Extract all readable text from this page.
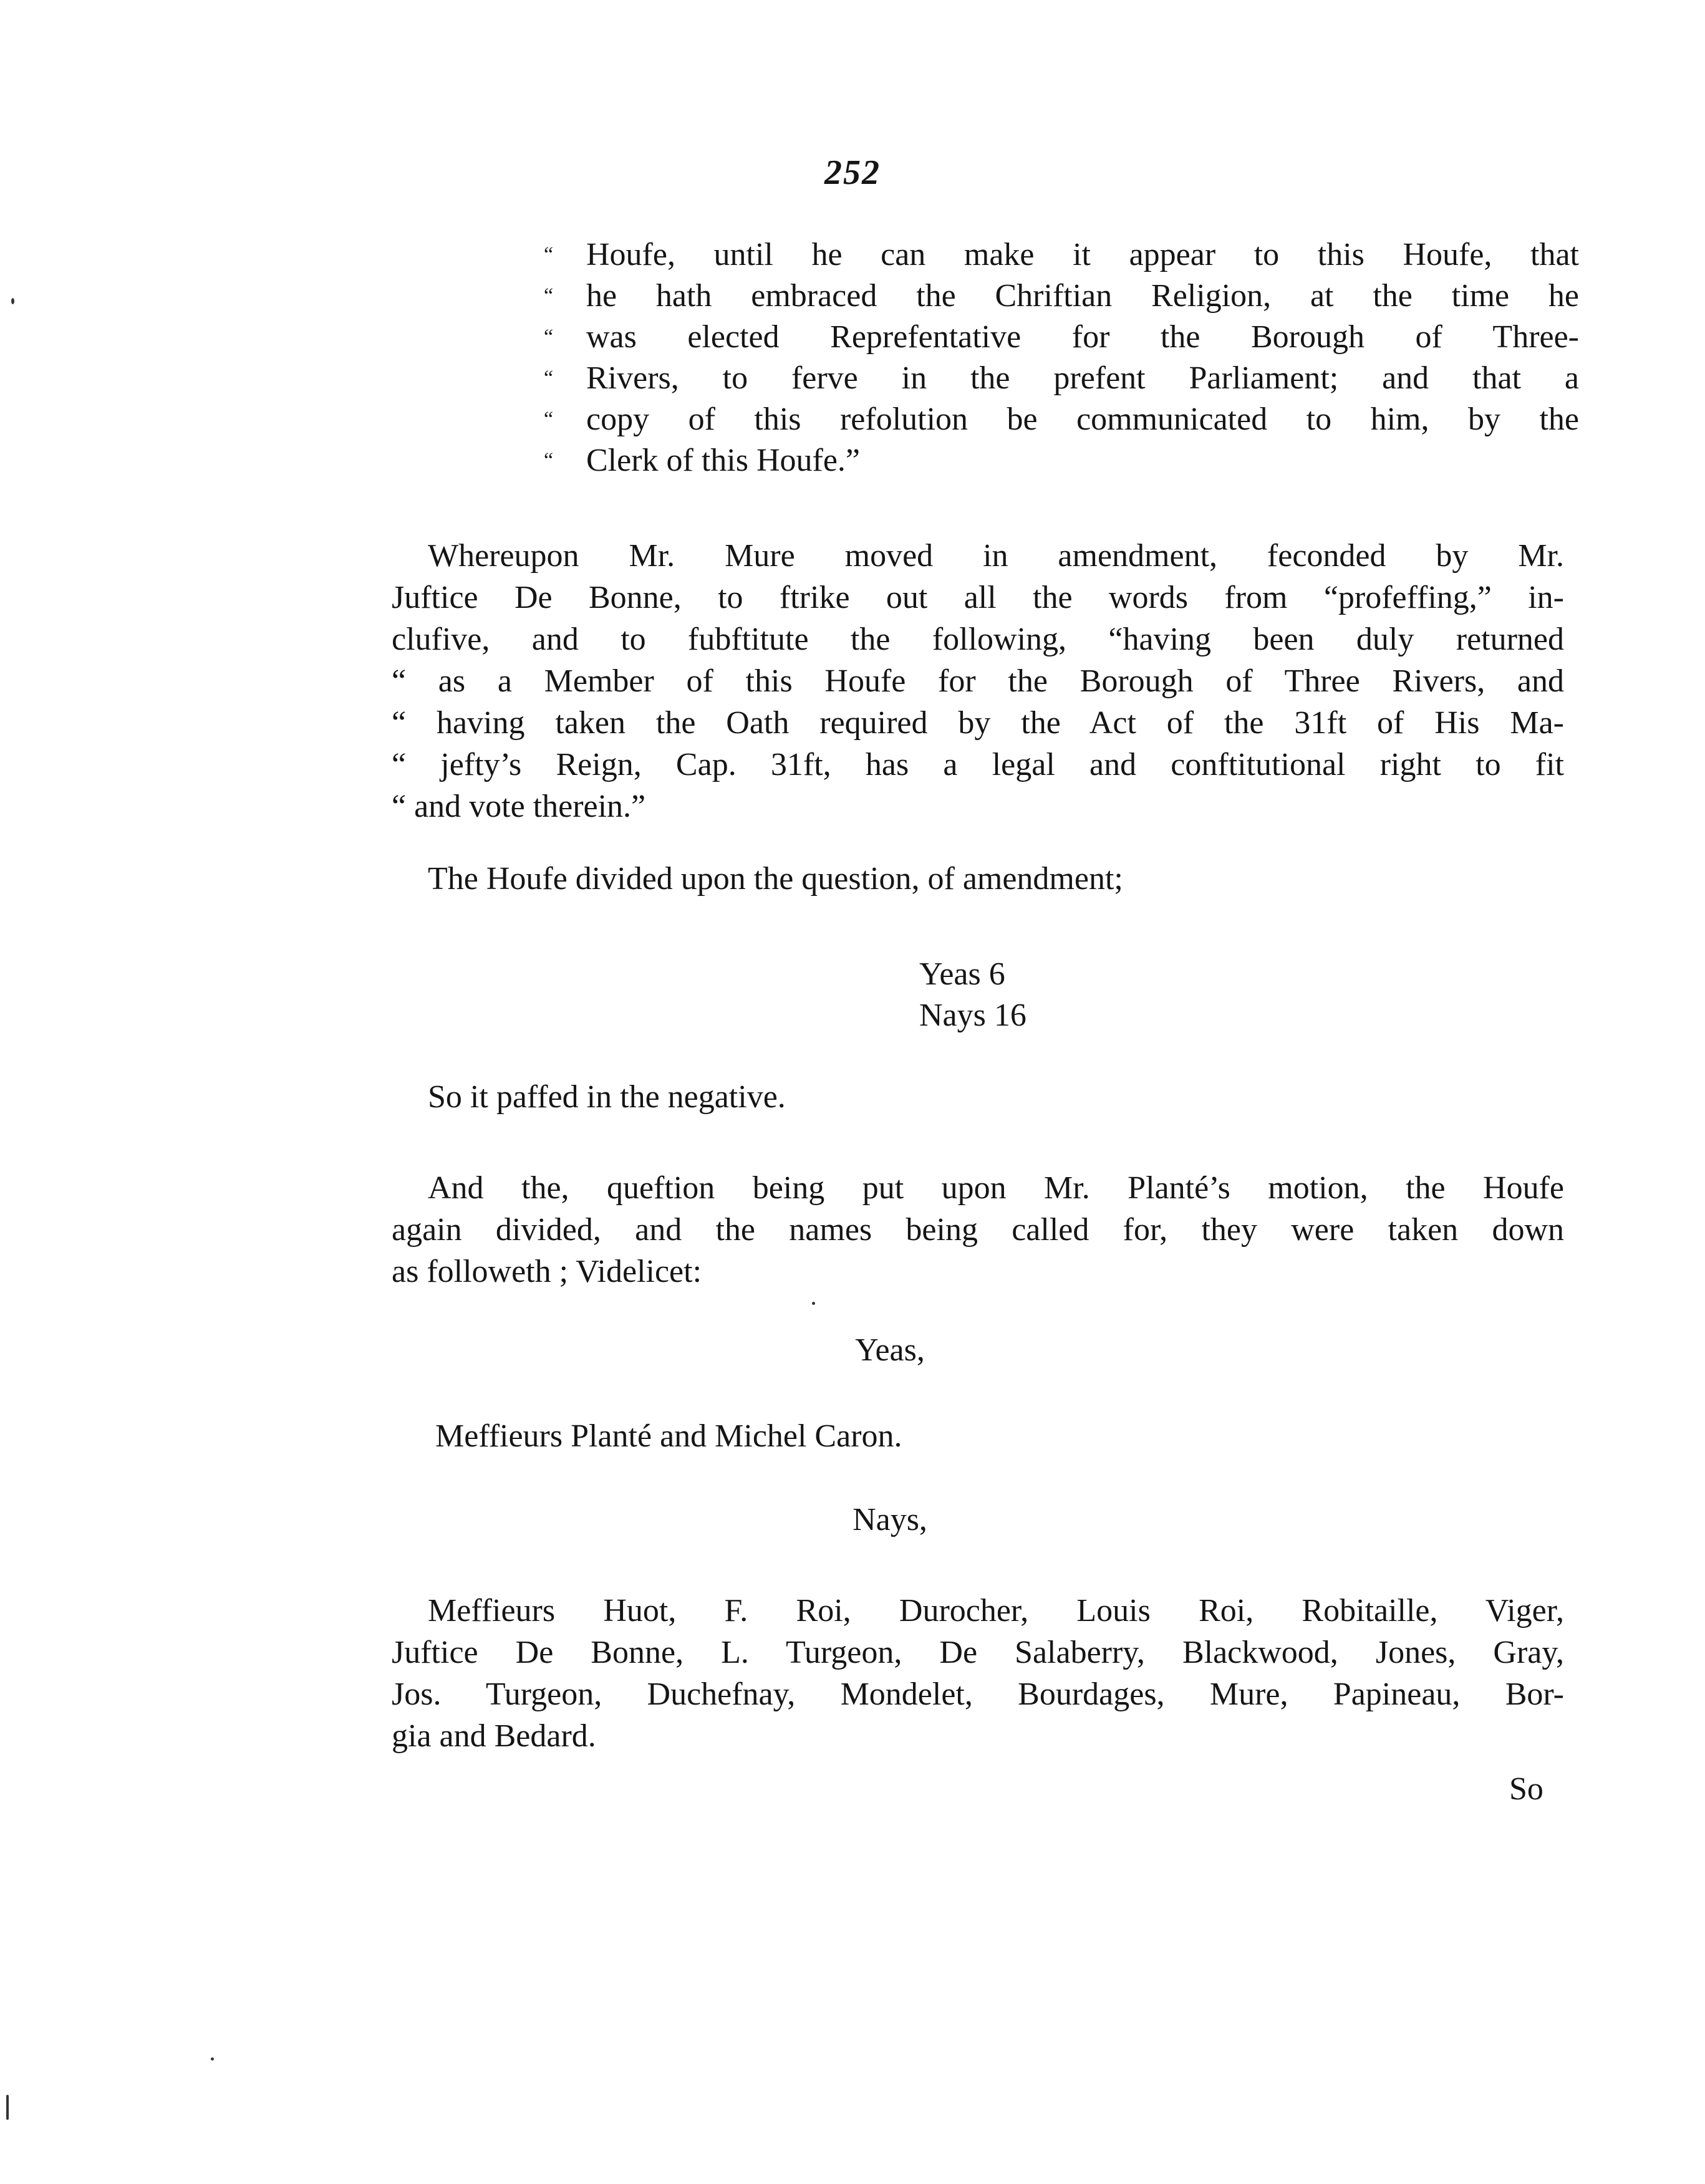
252
“	Houfe, until he can make it appear to this Houfe, that
“	he hath embraced the Chriftian Religion, at the time he
“	was elected Reprefentative for the Borough of Three-
“	Rivers, to ferve in the prefent Parliament; and that a
“	copy of this refolution be communicated to him, by the
“	Clerk of this Houfe.”
Whereupon Mr. Mure moved in amendment, feconded by Mr.
Juftice De Bonne, to ftrike out all the words from “profeffing,” in-
clufive, and to fubftitute the following, “having been duly returned
“ as a Member of this Houfe for the Borough of Three Rivers, and
“ having taken the Oath required by the Act of the 31ft of His Ma-
“ jefty’s Reign, Cap. 31ft, has a legal and conftitutional right to fit
“ and vote therein.”
The Houfe divided upon the question, of amendment;
Yeas 6
Nays 16
So it paffed in the negative.
And the, queftion being put upon Mr. Planté’s motion, the Houfe
again divided, and the names being called for, they were taken down
as followeth ; Videlicet:
Yeas,
Meffieurs Planté and Michel Caron.
Nays,
Meffieurs Huot, F. Roi, Durocher, Louis Roi, Robitaille, Viger,
Juftice De Bonne, L. Turgeon, De Salaberry, Blackwood, Jones, Gray,
Jos. Turgeon, Duchefnay, Mondelet, Bourdages, Mure, Papineau, Bor-
gia and Bedard.
So
